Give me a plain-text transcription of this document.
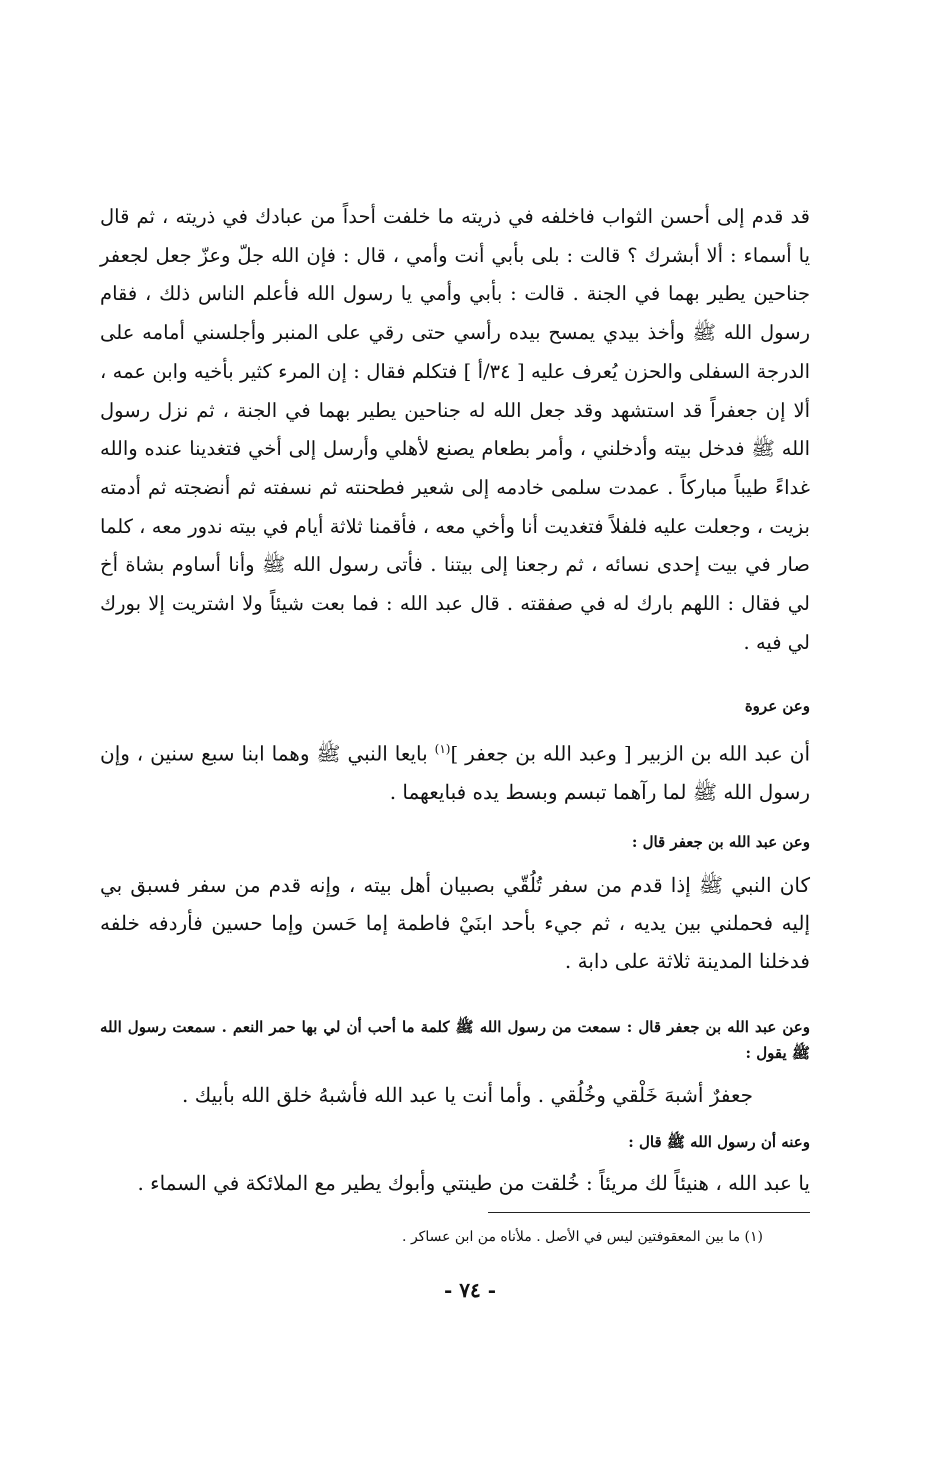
قد قدم إلى أحسن الثواب فاخلفه في ذريته ما خلفت أحداً من عبادك في ذريته ، ثم قال يا أسماء : ألا أبشرك ؟ قالت : بلى بأبي أنت وأمي ، قال : فإن الله جلّ وعزّ جعل لجعفر جناحين يطير بهما في الجنة . قالت : بأبي وأمي يا رسول الله فأعلم الناس ذلك ، فقام رسول الله ﷺ وأخذ بيدي يمسح بيده رأسي حتى رقي على المنبر وأجلسني أمامه على الدرجة السفلى والحزن يُعرف عليه [ ٣٤/أ ] فتكلم فقال : إن المرء كثير بأخيه وابن عمه ، ألا إن جعفراً قد استشهد وقد جعل الله له جناحين يطير بهما في الجنة ، ثم نزل رسول الله ﷺ فدخل بيته وأدخلني ، وأمر بطعام يصنع لأهلي وأرسل إلى أخي فتغدينا عنده والله غداءً طيباً مباركاً . عمدت سلمى خادمه إلى شعير فطحنته ثم نسفته ثم أنضجته ثم أدمته بزيت ، وجعلت عليه فلفلاً فتغديت أنا وأخي معه ، فأقمنا ثلاثة أيام في بيته ندور معه ، كلما صار في بيت إحدى نسائه ، ثم رجعنا إلى بيتنا . فأتى رسول الله ﷺ وأنا أساوم بشاة أخ لي فقال : اللهم بارك له في صفقته . قال عبد الله : فما بعت شيئاً ولا اشتريت إلا بورك لي فيه .

وعن عروة
أن عبد الله بن الزبير [ وعبد الله بن جعفر ]$^{(١)}$ بايعا النبي ﷺ وهما ابنا سبع سنين ، وإن رسول الله ﷺ لما رآهما تبسم وبسط يده فبايعهما .
وعن عبد الله بن جعفر قال :
كان النبي ﷺ إذا قدم من سفر تُلُقّي بصبيان أهل بيته ، وإنه قدم من سفر فسبق بي إليه فحملني بين يديه ، ثم جيء بأحد ابنَيْ فاطمة إما حَسن وإما حسين فأردفه خلفه فدخلنا المدينة ثلاثة على دابة .
وعن عبد الله بن جعفر قال : سمعت من رسول الله ﷺ كلمة ما أحب أن لي بها حمر النعم . سمعت رسول الله ﷺ يقول :
جعفرٌ أشبهَ خَلْقي وخُلُقي . وأما أنت يا عبد الله فأشبهُ خلق الله بأبيك .
وعنه أن رسول الله ﷺ قال :
يا عبد الله ، هنيئاً لك مريئاً : خُلقت من طينتي وأبوك يطير مع الملائكة في السماء .
(١) ما بين المعقوفتين ليس في الأصل . ملأناه من ابن عساكر .
- ٧٤ -
